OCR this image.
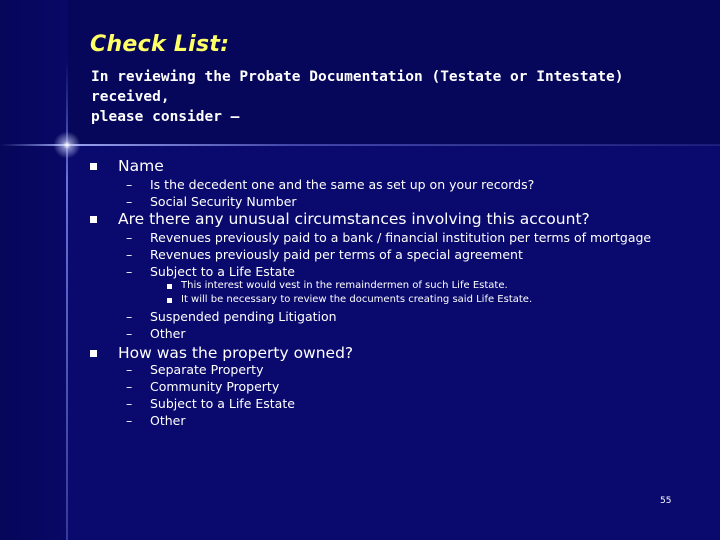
Check List:
In reviewing the Probate Documentation (Testate or Intestate)
received,
please consider –
Name
– Is the decedent one and the same as set up on your records?
– Social Security Number
Are there any unusual circumstances involving this account?
– Revenues previously paid to a bank / financial institution per terms of mortgage
– Revenues previously paid per terms of a special agreement
– Subject to a Life Estate
This interest would vest in the remaindermen of such Life Estate.
It will be necessary to review the documents creating said Life Estate.
– Suspended pending Litigation
– Other
How was the property owned?
– Separate Property
– Community Property
– Subject to a Life Estate
– Other
55
